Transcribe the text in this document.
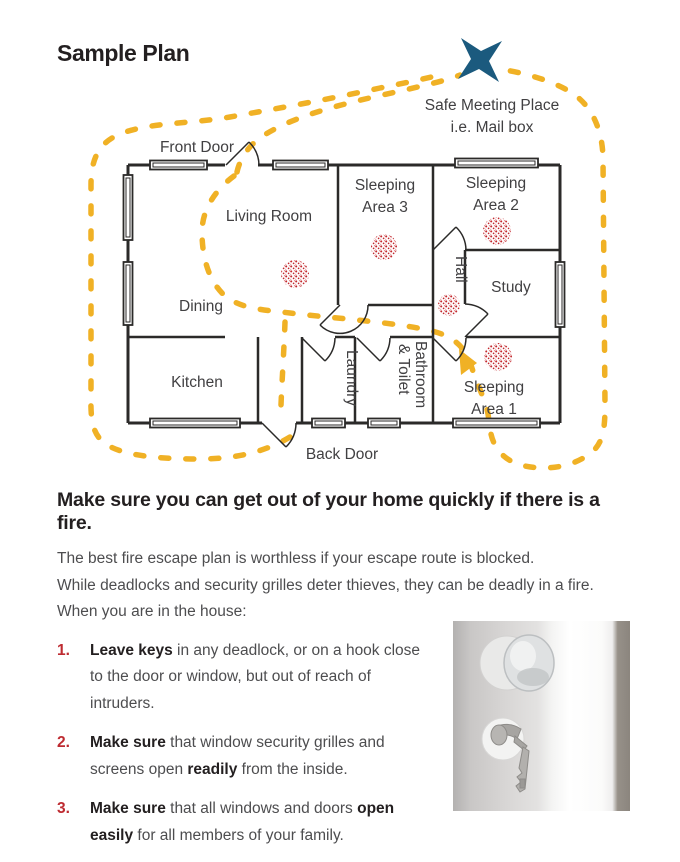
Sample Plan
Front Door
Safe Meeting Place
i.e. Mail box
Living Room
Dining
Kitchen
Sleeping
Area 3
Sleeping
Area 2
Hall
Study
Laundry	Bathroom
& Toilet	Sleeping
Area 1
Back Door
Make sure you can get out of your home quickly if there is a fire.
The best fire escape plan is worthless if your escape route is blocked.
While deadlocks and security grilles deter thieves, they can be deadly in a fire.
When you are in the house:
1.	Leave keys in any deadlock, or on a hook close to the door or window, but out of reach of intruders.
2.	Make sure that window security grilles and screens open readily from the inside.
3.	Make sure that all windows and doors open easily for all members of your family.
